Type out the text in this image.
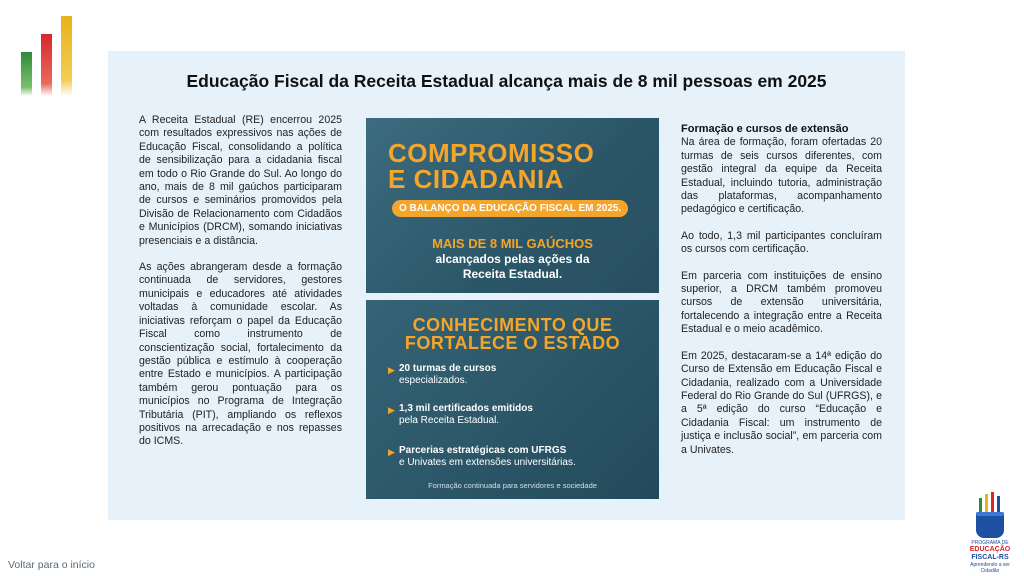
Educação Fiscal da Receita Estadual alcança mais de 8 mil pessoas em 2025

A Receita Estadual (RE) encerrou 2025 com resultados expressivos nas ações de Educação Fiscal, consolidando a política de sensibilização para a cidadania fiscal em todo o Rio Grande do Sul. Ao longo do ano, mais de 8 mil gaúchos participaram de cursos e seminários promovidos pela Divisão de Relacionamento com Cidadãos e Municípios (DRCM), somando iniciativas presenciais e a distância.

As ações abrangeram desde a formação continuada de servidores, gestores municipais e educadores até atividades voltadas à comunidade escolar. As iniciativas reforçam o papel da Educação Fiscal como instrumento de conscientização social, fortalecimento da gestão pública e estímulo à cooperação entre Estado e municípios. A participação também gerou pontuação para os municípios no Programa de Integração Tributária (PIT), ampliando os reflexos positivos na arrecadação e nos repasses do ICMS.

COMPROMISSO
E CIDADANIA
O BALANÇO DA EDUCAÇÃO FISCAL EM 2025.
MAIS DE 8 MIL GAÚCHOS
alcançados pelas ações da
Receita Estadual.
CONHECIMENTO QUE
FORTALECE O ESTADO
▶ 20 turmas de cursos
especializados.
▶ 1,3 mil certificados emitidos
pela Receita Estadual.
▶ Parcerias estratégicas com UFRGS
e Univates em extensões universitárias.
Formação continuada para servidores e sociedade
Formação e cursos de extensão

Na área de formação, foram ofertadas 20 turmas de seis cursos diferentes, com gestão integral da equipe da Receita Estadual, incluindo tutoria, administração das plataformas, acompanhamento pedagógico e certificação.

Ao todo, 1,3 mil participantes concluíram os cursos com certificação.

Em parceria com instituições de ensino superior, a DRCM também promoveu cursos de extensão universitária, fortalecendo a integração entre a Receita Estadual e o meio acadêmico.

Em 2025, destacaram-se a 14ª edição do Curso de Extensão em Educação Fiscal e Cidadania, realizado com a Universidade Federal do Rio Grande do Sul (UFRGS), e a 5ª edição do curso “Educação e Cidadania Fiscal: um instrumento de justiça e inclusão social”, em parceria com a Univates.

Voltar para o início
PROGRAMA DE
EDUCAÇÃO
FISCAL-RS
Aprendendo a ser Cidadão
